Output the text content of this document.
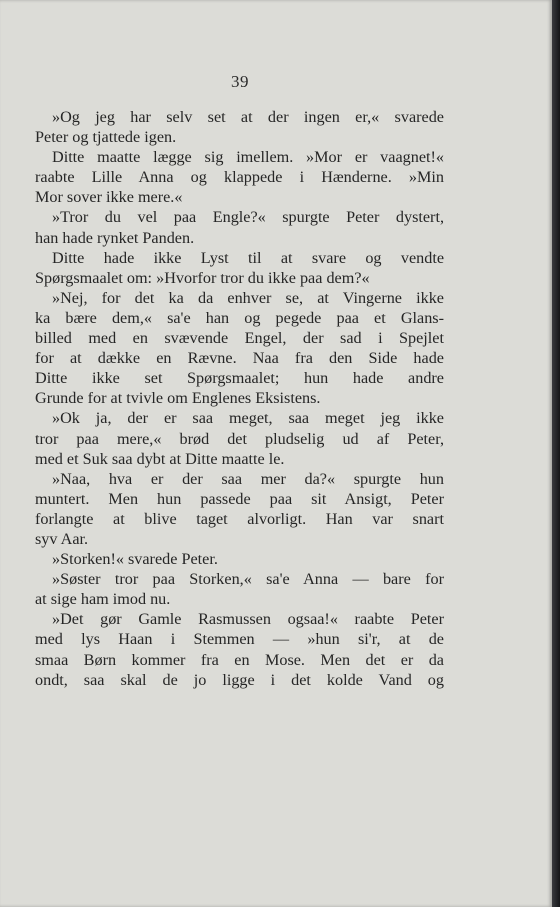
39
»Og jeg har selv set at der ingen er,« svarede
Peter og tjattede igen.
Ditte maatte lægge sig imellem. »Mor er vaagnet!«
raabte Lille Anna og klappede i Hænderne. »Min
Mor sover ikke mere.«
»Tror du vel paa Engle?« spurgte Peter dystert,
han hade rynket Panden.
Ditte hade ikke Lyst til at svare og vendte
Spørgsmaalet om: »Hvorfor tror du ikke paa dem?«
»Nej, for det ka da enhver se, at Vingerne ikke
ka bære dem,« sa'e han og pegede paa et Glans-
billed med en svævende Engel, der sad i Spejlet
for at dække en Rævne. Naa fra den Side hade
Ditte ikke set Spørgsmaalet; hun hade andre
Grunde for at tvivle om Englenes Eksistens.
»Ok ja, der er saa meget, saa meget jeg ikke
tror paa mere,« brød det pludselig ud af Peter,
med et Suk saa dybt at Ditte maatte le.
»Naa, hva er der saa mer da?« spurgte hun
muntert. Men hun passede paa sit Ansigt, Peter
forlangte at blive taget alvorligt. Han var snart
syv Aar.
»Storken!« svarede Peter.
»Søster tror paa Storken,« sa'e Anna — bare for
at sige ham imod nu.
»Det gør Gamle Rasmussen ogsaa!« raabte Peter
med lys Haan i Stemmen — »hun si'r, at de
smaa Børn kommer fra en Mose. Men det er da
ondt, saa skal de jo ligge i det kolde Vand og
